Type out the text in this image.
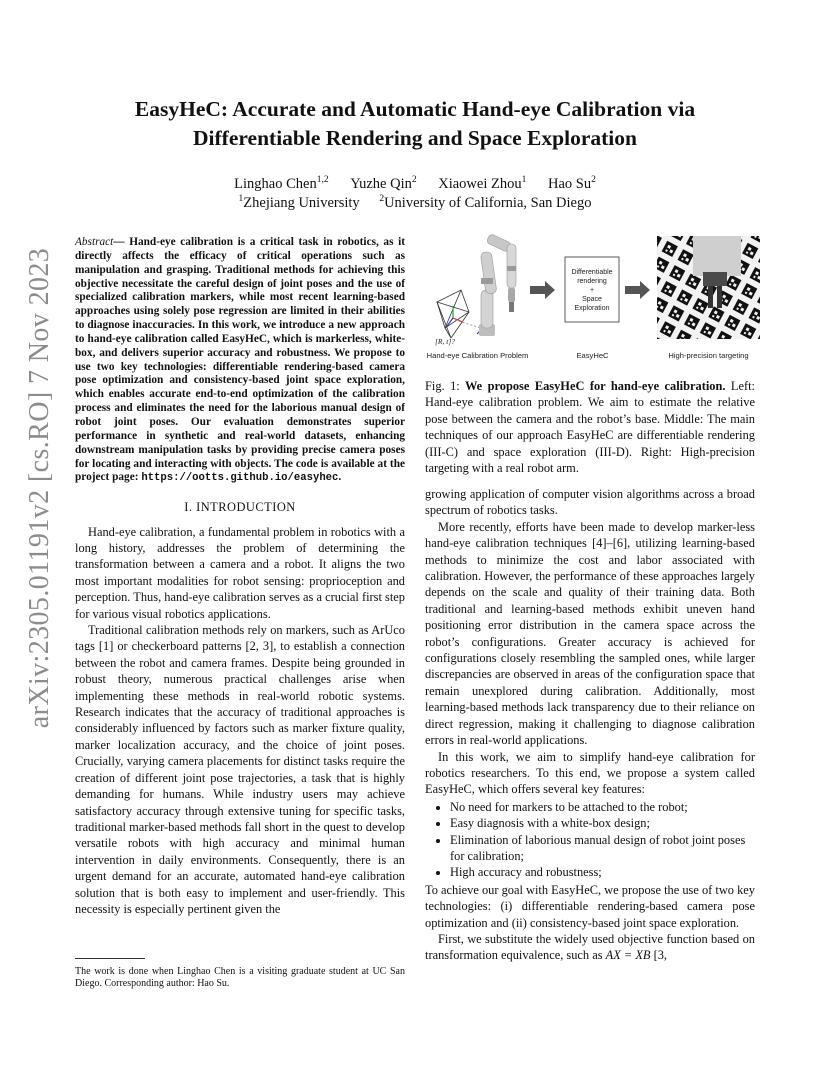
arXiv:2305.01191v2 [cs.RO] 7 Nov 2023
EasyHeC: Accurate and Automatic Hand-eye Calibration via Differentiable Rendering and Space Exploration
Linghao Chen$^{1,2}$ Yuzhe Qin$^2$ Xiaowei Zhou$^1$ Hao Su$^2$
$^1$Zhejiang University $^2$University of California, San Diego

Abstract— Hand-eye calibration is a critical task in robotics, as it directly affects the efficacy of critical operations such as manipulation and grasping. Traditional methods for achieving this objective necessitate the careful design of joint poses and the use of specialized calibration markers, while most recent learning-based approaches using solely pose regression are limited in their abilities to diagnose inaccuracies. In this work, we introduce a new approach to hand-eye calibration called EasyHeC, which is markerless, white-box, and delivers superior accuracy and robustness. We propose to use two key technologies: differentiable rendering-based camera pose optimization and consistency-based joint space exploration, which enables accurate end-to-end optimization of the calibration process and eliminates the need for the laborious manual design of robot joint poses. Our evaluation demonstrates superior performance in synthetic and real-world datasets, enhancing downstream manipulation tasks by providing precise camera poses for locating and interacting with objects. The code is available at the project page: https://ootts.github.io/easyhec.

I. INTRODUCTION

Hand-eye calibration, a fundamental problem in robotics with a long history, addresses the problem of determining the transformation between a camera and a robot. It aligns the two most important modalities for robot sensing: proprioception and perception. Thus, hand-eye calibration serves as a crucial first step for various visual robotics applications.

Traditional calibration methods rely on markers, such as ArUco tags [1] or checkerboard patterns [2, 3], to establish a connection between the robot and camera frames. Despite being grounded in robust theory, numerous practical challenges arise when implementing these methods in real-world robotic systems. Research indicates that the accuracy of traditional approaches is considerably influenced by factors such as marker fixture quality, marker localization accuracy, and the choice of joint poses. Crucially, varying camera placements for distinct tasks require the creation of different joint pose trajectories, a task that is highly demanding for humans. While industry users may achieve satisfactory accuracy through extensive tuning for specific tasks, traditional marker-based methods fall short in the quest to develop versatile robots with high accuracy and minimal human intervention in daily environments. Consequently, there is an urgent demand for an accurate, automated hand-eye calibration solution that is both easy to implement and user-friendly. This necessity is especially pertinent given the

The work is done when Linghao Chen is a visiting graduate student at UC San Diego. Corresponding author: Hao Su.
[R, t]?
Differentiable
rendering
+
Space
Exploration
Hand-eye Calibration Problem	EasyHeC	High-precision targeting
Fig. 1: We propose EasyHeC for hand-eye calibration. Left: Hand-eye calibration problem. We aim to estimate the relative pose between the camera and the robot’s base. Middle: The main techniques of our approach EasyHeC are differentiable rendering (III-C) and space exploration (III-D). Right: High-precision targeting with a real robot arm.

growing application of computer vision algorithms across a broad spectrum of robotics tasks.

More recently, efforts have been made to develop marker-less hand-eye calibration techniques [4]–[6], utilizing learning-based methods to minimize the cost and labor associated with calibration. However, the performance of these approaches largely depends on the scale and quality of their training data. Both traditional and learning-based methods exhibit uneven hand positioning error distribution in the camera space across the robot’s configurations. Greater accuracy is achieved for configurations closely resembling the sampled ones, while larger discrepancies are observed in areas of the configuration space that remain unexplored during calibration. Additionally, most learning-based methods lack transparency due to their reliance on direct regression, making it challenging to diagnose calibration errors in real-world applications.

In this work, we aim to simplify hand-eye calibration for robotics researchers. To this end, we propose a system called EasyHeC, which offers several key features:

• No need for markers to be attached to the robot;
• Easy diagnosis with a white-box design;
• Elimination of laborious manual design of robot joint poses for calibration;
• High accuracy and robustness;

To achieve our goal with EasyHeC, we propose the use of two key technologies: (i) differentiable rendering-based camera pose optimization and (ii) consistency-based joint space exploration.

First, we substitute the widely used objective function based on transformation equivalence, such as AX = XB [3,
